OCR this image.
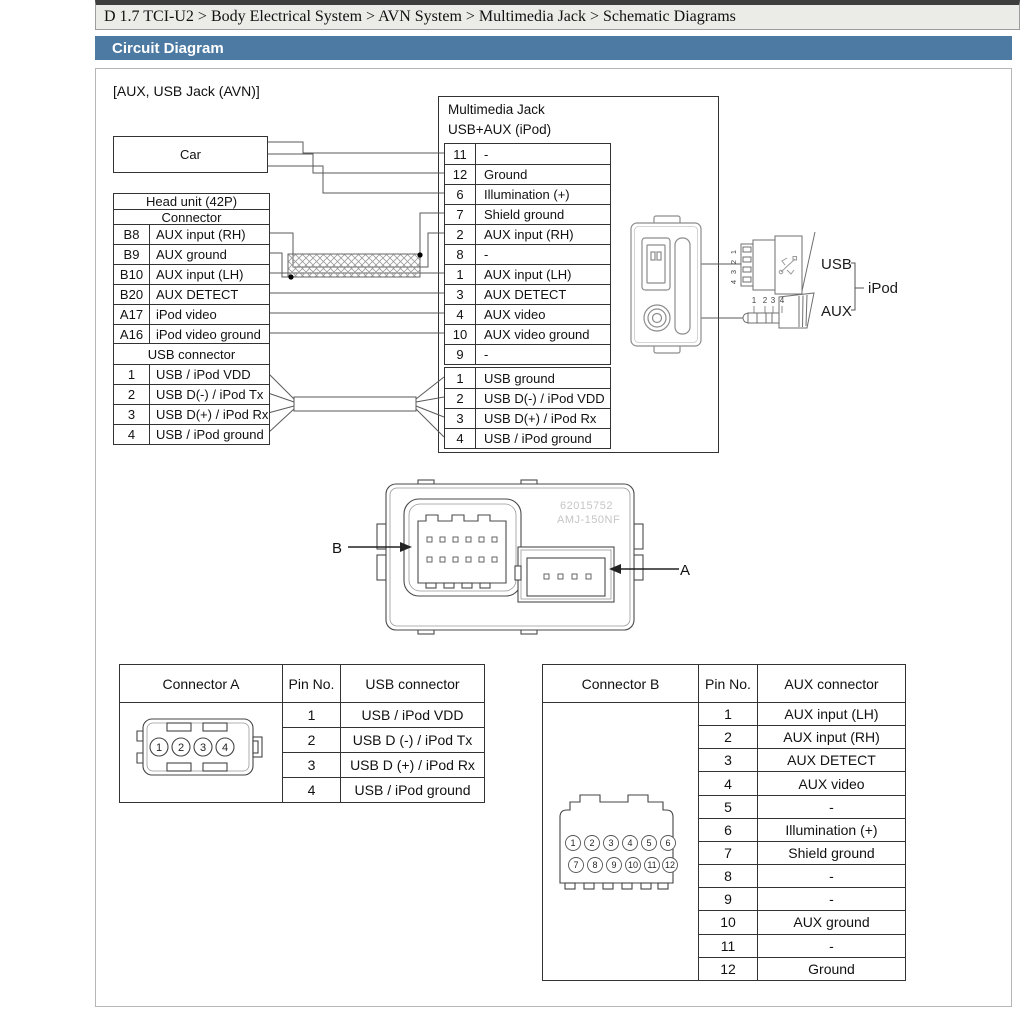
D 1.7 TCI-U2 > Body Electrical System > AVN System > Multimedia Jack > Schematic Diagrams
Circuit Diagram
[AUX, USB Jack (AVN)]
1
2
3
4
1 2 3 4
USB
AUX
iPod
62015752
AMJ-150NF
B
A
Car
Head unit (42P)
Connector
B8	AUX input (RH)
B9	AUX ground
B10 AUX input (LH)
B20 AUX DETECT
A17 iPod video
A16 iPod video ground
USB connector
1	USB / iPod VDD
2	USB D(-) / iPod Tx
3	USB D(+) / iPod Rx
4	USB / iPod ground
Multimedia Jack
USB+AUX (iPod)
11	-
12	Ground
6	Illumination (+)
7	Shield ground
2	AUX input (RH)
8	-
1	AUX input (LH)
3	AUX DETECT
4	AUX video
10	AUX video ground
9	-
1	USB ground
2	USB D(-) / iPod VDD
3	USB D(+) / iPod Rx
4	USB / iPod ground
Connector A	Pin No.	USB connector

1 2 3 4	1	USB / iPod VDD
	2	USB D (-) / iPod Tx
	3	USB D (+) / iPod Rx
	4	USB / iPod ground
Connector B	Pin No.	AUX connector

1 2 3 4 5 6
7 8 9 10 11 12
	1	AUX input (LH)
	2	AUX input (RH)
	3	AUX DETECT
	4	AUX video
	5	-
	6	Illumination (+)
	7	Shield ground
	8	-
	9	-
	10	AUX ground
	11	-
	12	Ground
